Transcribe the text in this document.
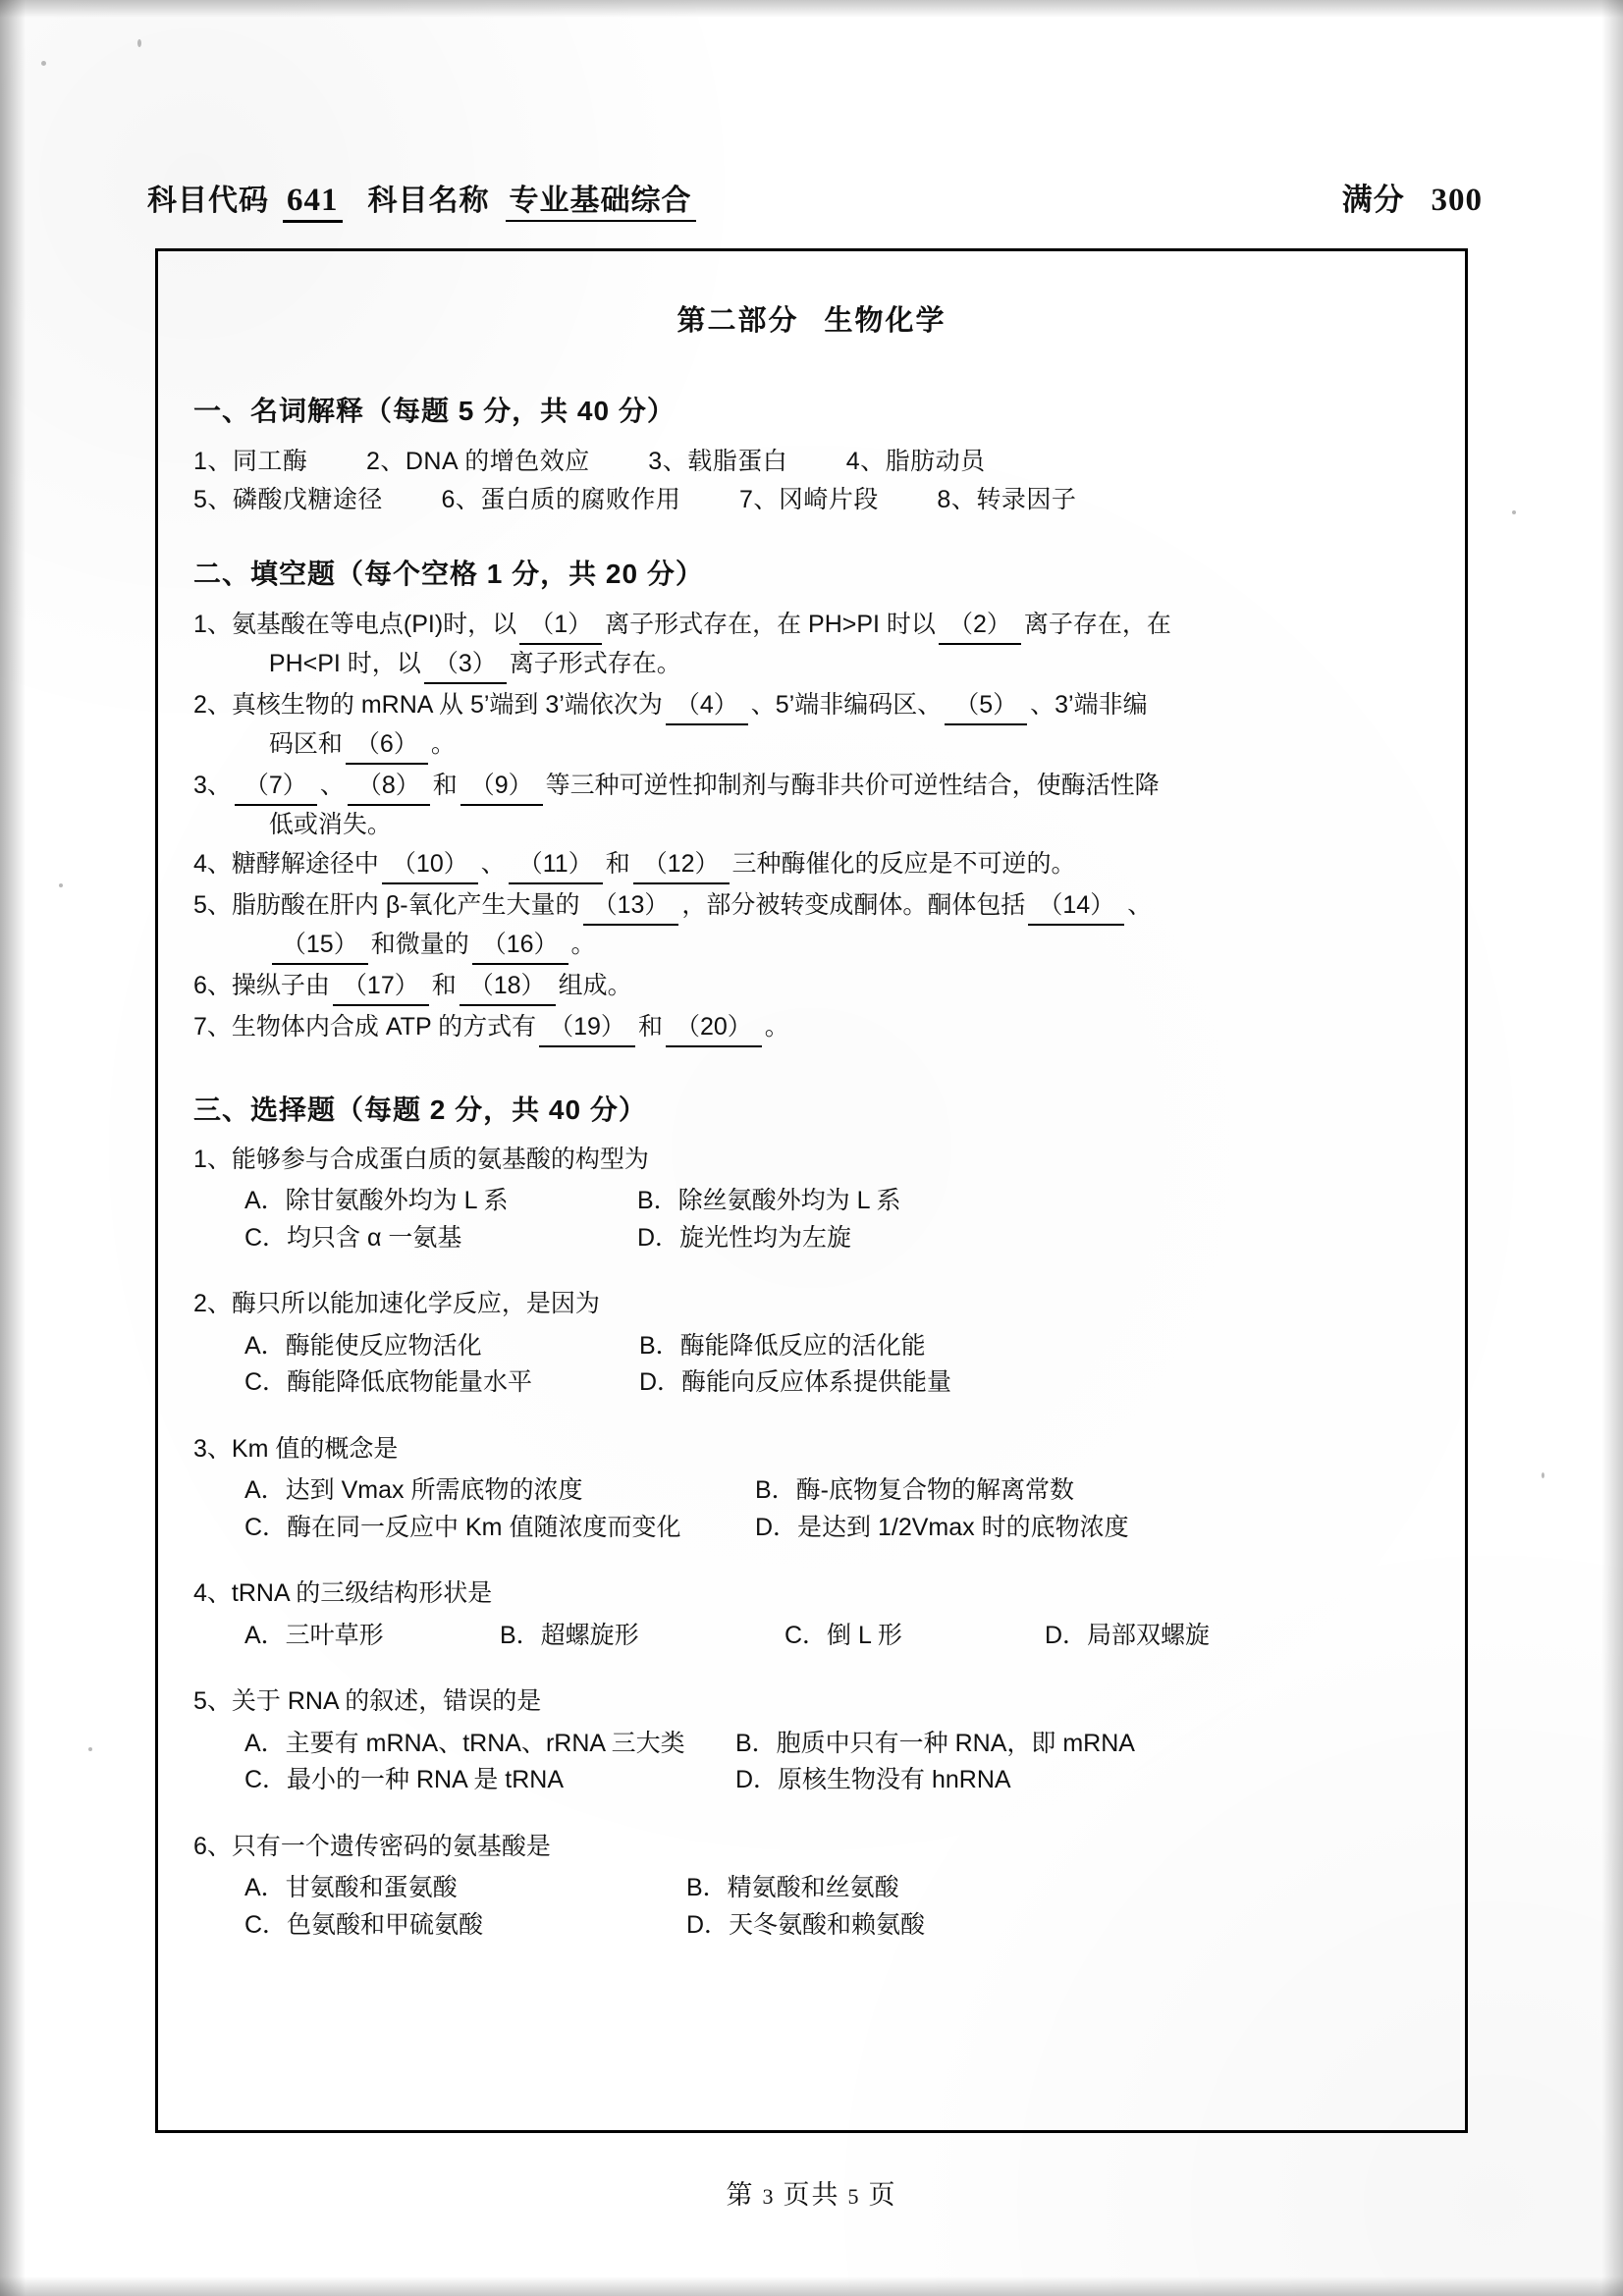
科目代码 641 科目名称 专业基础综合	满分 300
第二部分 生物化学
一、名词解释（每题 5 分，共 40 分）
1、同工酶        2、DNA 的增色效应        3、载脂蛋白        4、脂肪动员
5、磷酸戊糖途径        6、蛋白质的腐败作用        7、冈崎片段        8、转录因子
二、填空题（每个空格 1 分，共 20 分）
1、 氨基酸在等电点(PI)时，以 （1） 离子形式存在，在 PH>PI 时以 （2） 离子存在，在
PH<PI 时，以 （3） 离子形式存在。
2、 真核生物的 mRNA 从 5’端到 3’端依次为 （4） 、5’端非编码区、 （5） 、3’端非编
码区和 （6） 。
3、 （7） 、 （8） 和 （9） 等三种可逆性抑制剂与酶非共价可逆性结合，使酶活性降
低或消失。
4、 糖酵解途径中 （10） 、 （11） 和 （12） 三种酶催化的反应是不可逆的。
5、 脂肪酸在肝内 β-氧化产生大量的 （13） ，部分被转变成酮体。酮体包括 （14） 、
（15） 和微量的 （16） 。
6、 操纵子由 （17） 和 （18） 组成。
7、 生物体内合成 ATP 的方式有 （19） 和 （20） 。
三、选择题（每题 2 分，共 40 分）
1、能够参与合成蛋白质的氨基酸的构型为
A．除甘氨酸外均为 L 系	B．除丝氨酸外均为 L 系
C．均只含 α 一氨基	D．旋光性均为左旋
2、酶只所以能加速化学反应，是因为
A．酶能使反应物活化	B．酶能降低反应的活化能
C．酶能降低底物能量水平	D．酶能向反应体系提供能量
3、Km 值的概念是
A．达到 Vmax 所需底物的浓度	B．酶-底物复合物的解离常数
C．酶在同一反应中 Km 值随浓度而变化	D．是达到 1/2Vmax 时的底物浓度
4、tRNA 的三级结构形状是
A．三叶草形	B．超螺旋形	C．倒 L 形	D．局部双螺旋
5、关于 RNA 的叙述，错误的是
A．主要有 mRNA、tRNA、rRNA 三大类	B．胞质中只有一种 RNA，即 mRNA
C．最小的一种 RNA 是 tRNA	D．原核生物没有 hnRNA
6、只有一个遗传密码的氨基酸是
A．甘氨酸和蛋氨酸	B．精氨酸和丝氨酸
C．色氨酸和甲硫氨酸	D．天冬氨酸和赖氨酸
第 3 页共 5 页
